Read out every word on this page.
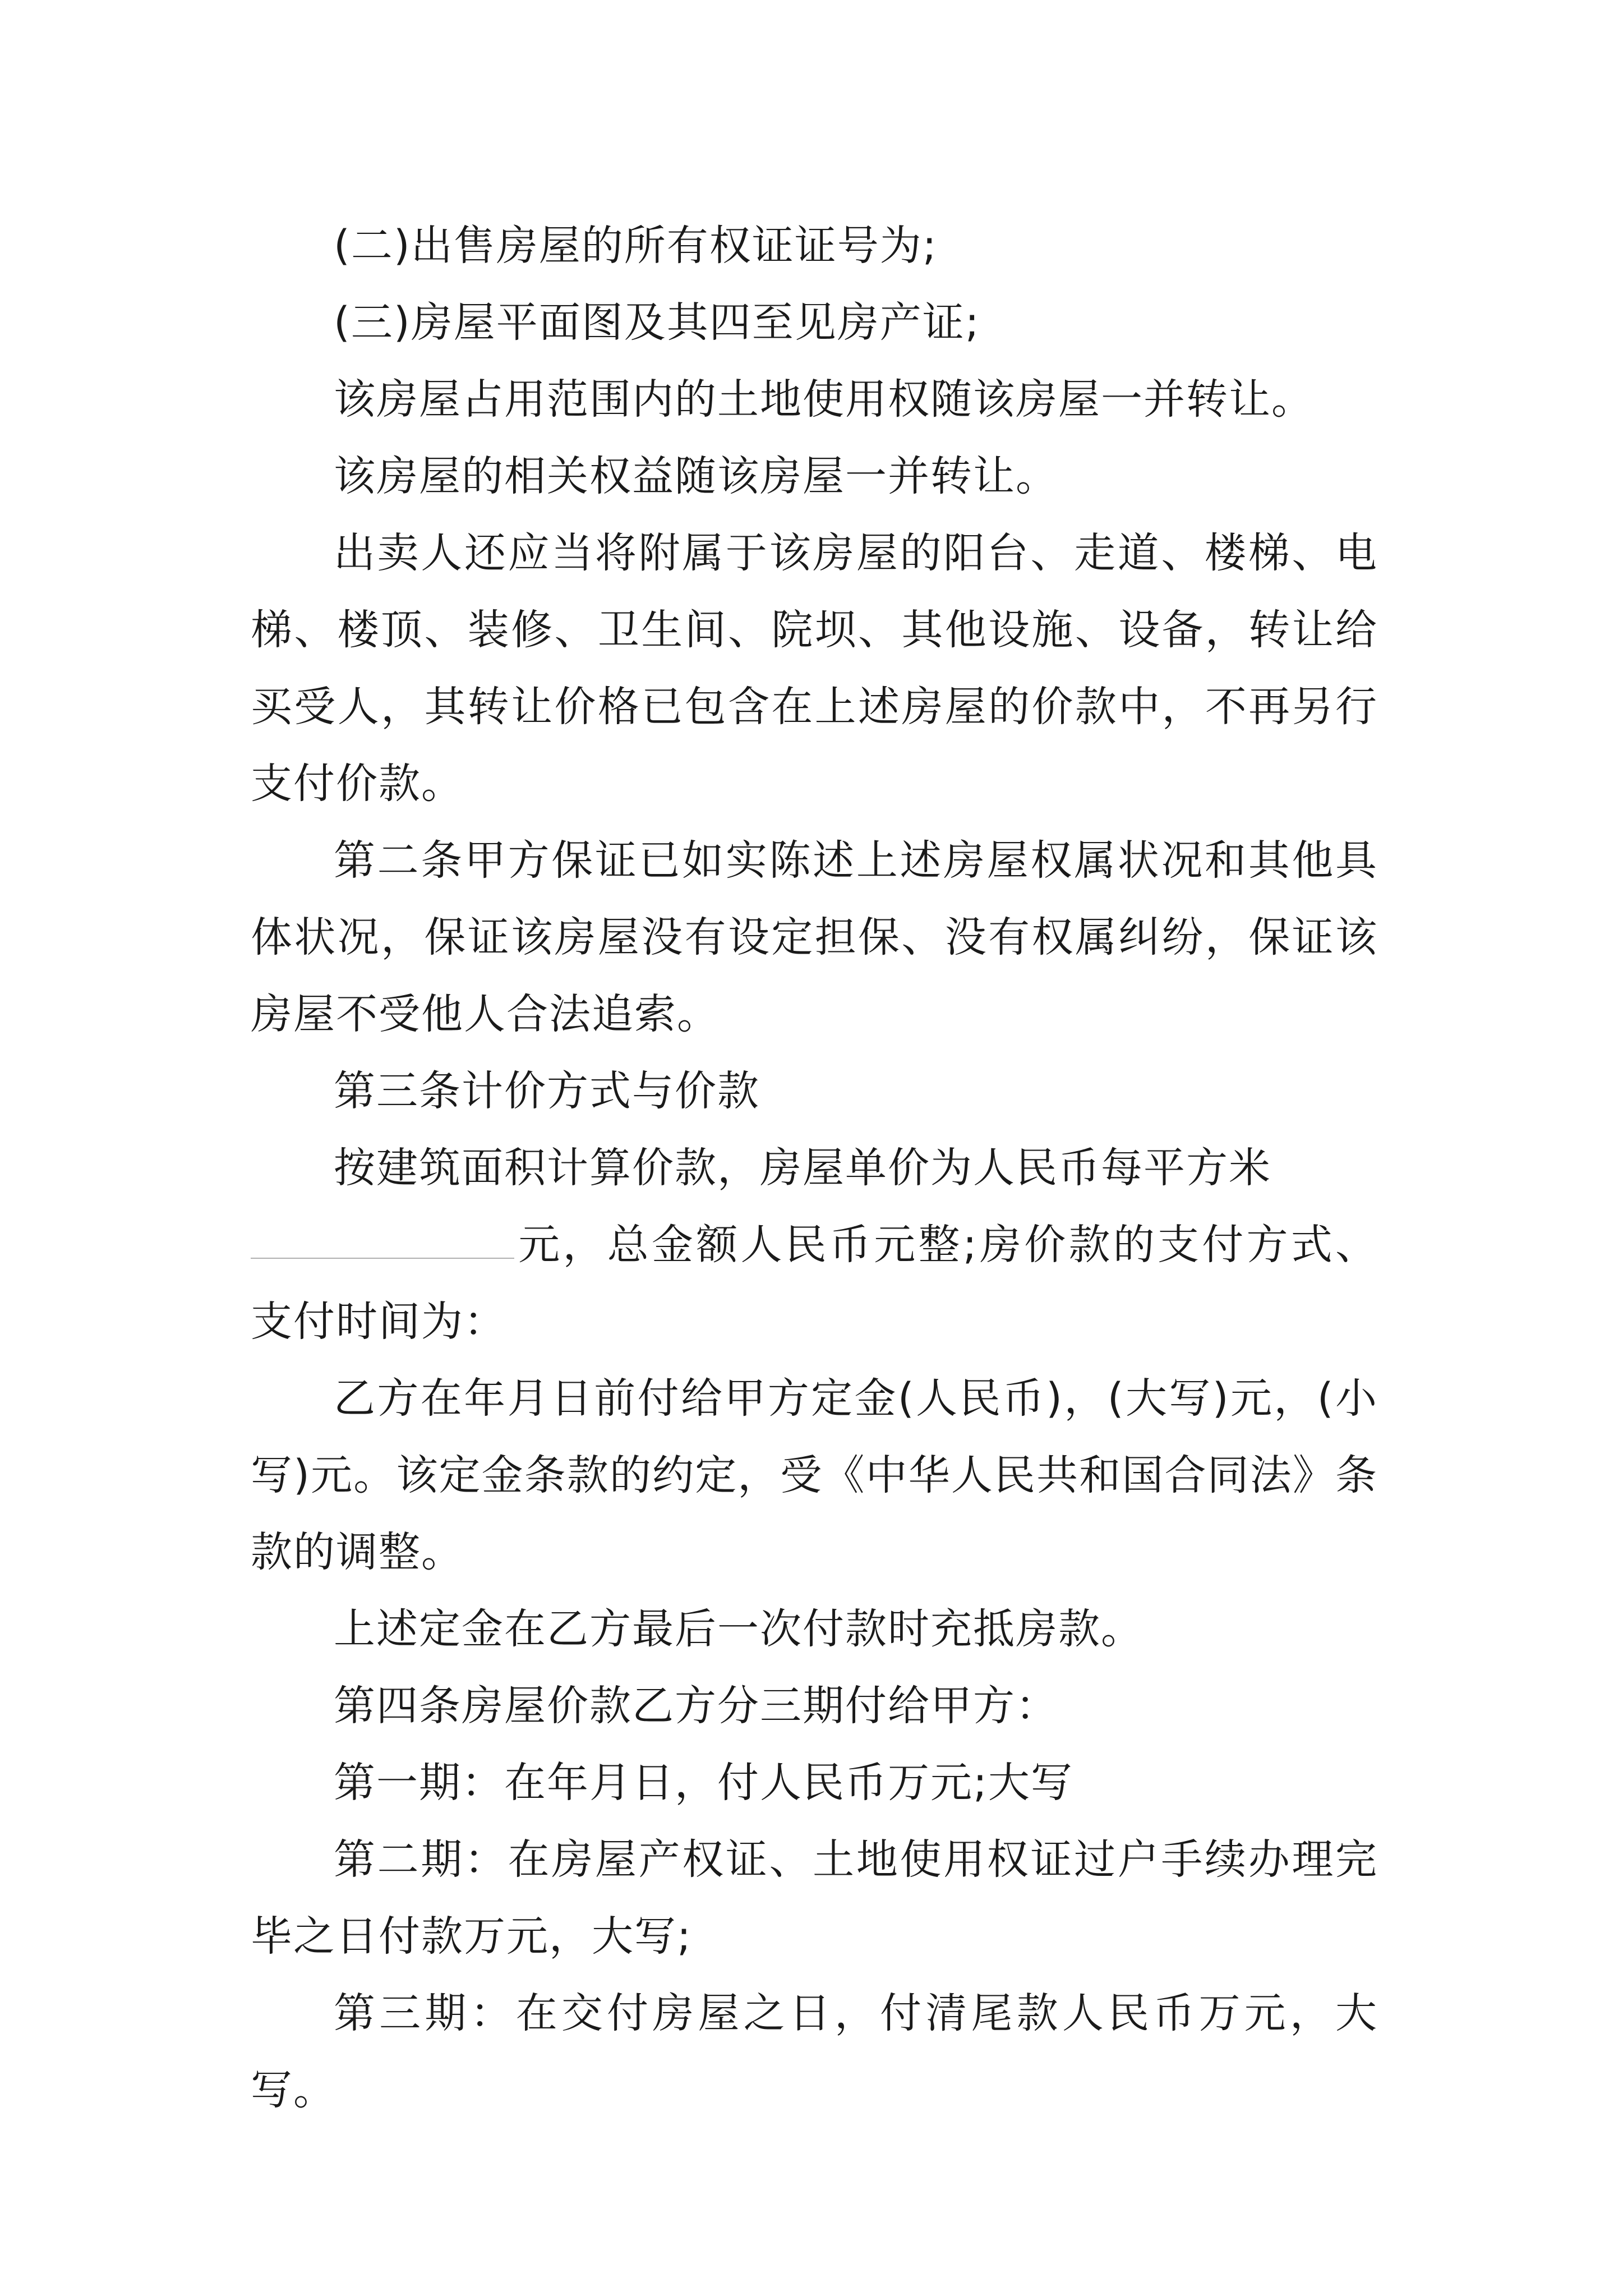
(二)出售房屋的所有权证证号为;

(三)房屋平面图及其四至见房产证;

该房屋占用范围内的土地使用权随该房屋一并转让。

该房屋的相关权益随该房屋一并转让。

出卖人还应当将附属于该房屋的阳台、走道、楼梯、电梯、楼顶、装修、卫生间、院坝、其他设施、设备，转让给买受人，其转让价格已包含在上述房屋的价款中，不再另行支付价款。

第二条甲方保证已如实陈述上述房屋权属状况和其他具体状况，保证该房屋没有设定担保、没有权属纠纷，保证该房屋不受他人合法追索。

第三条计价方式与价款

按建筑面积计算价款，房屋单价为人民币每平方米

元，总金额人民币元整;房价款的支付方式、支付时间为：

乙方在年月日前付给甲方定金(人民币)，(大写)元，(小写)元。该定金条款的约定，受《中华人民共和国合同法》条款的调整。

上述定金在乙方最后一次付款时充抵房款。

第四条房屋价款乙方分三期付给甲方：

第一期：在年月日，付人民币万元;大写

第二期：在房屋产权证、土地使用权证过户手续办理完毕之日付款万元，大写;

第三期：在交付房屋之日，付清尾款人民币万元，大写。
